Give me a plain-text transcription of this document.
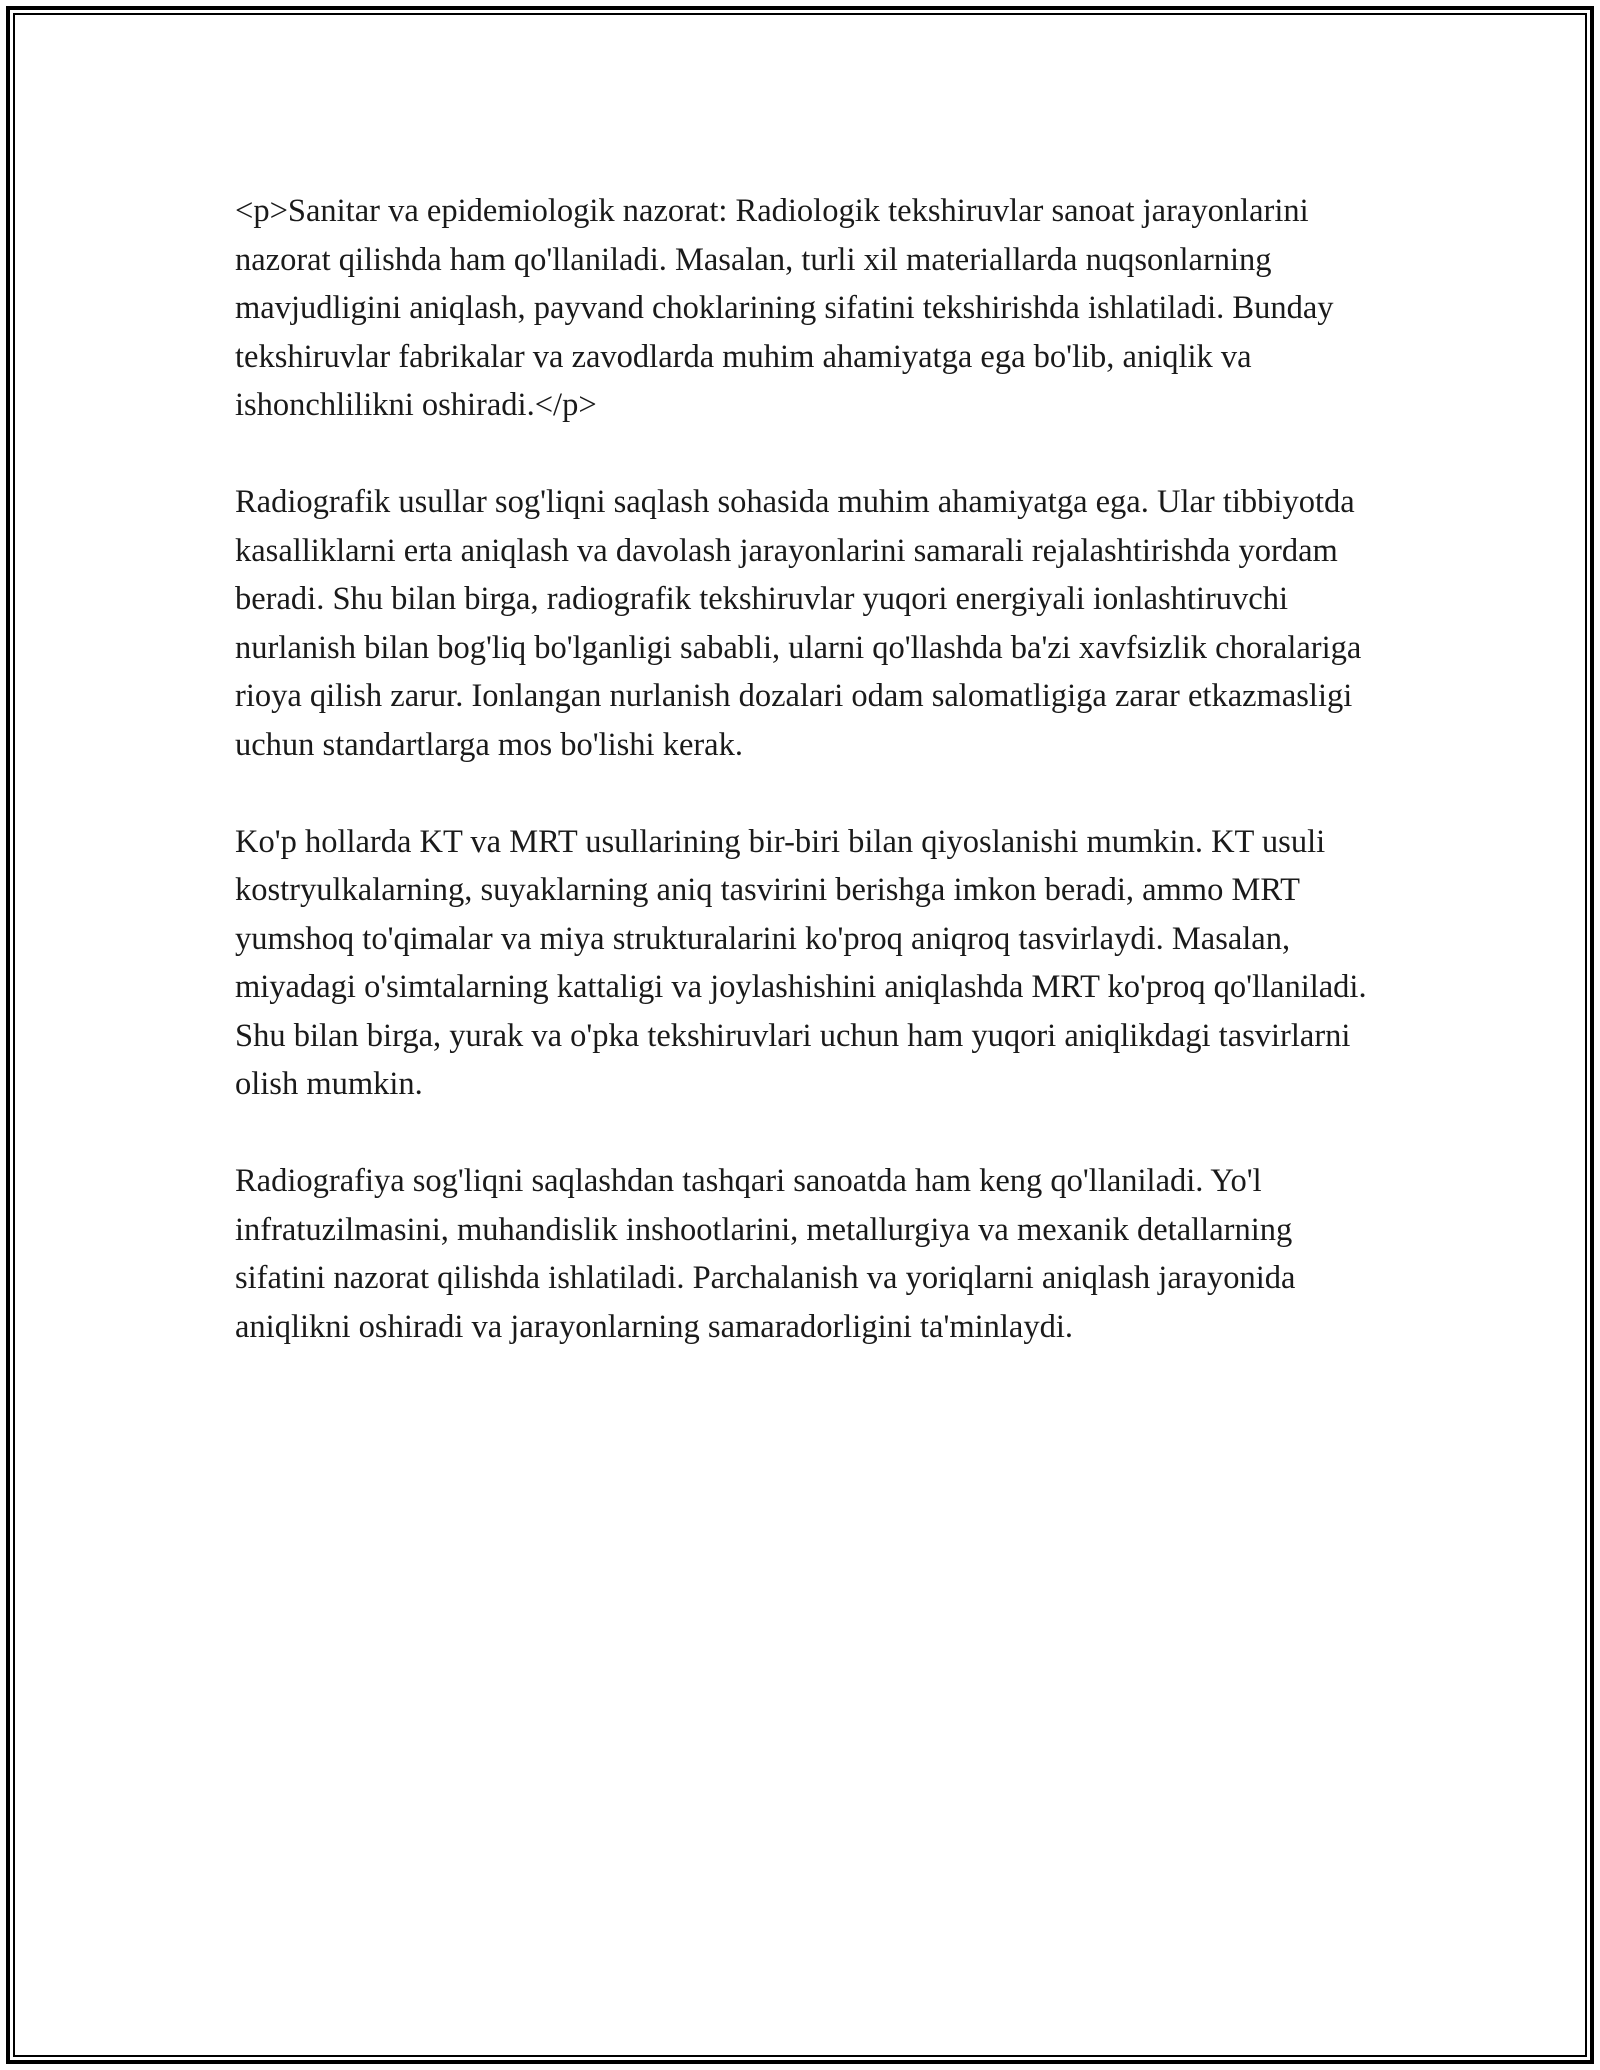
<p>Sanitar va epidemiologik nazorat: Radiologik tekshiruvlar sanoat jarayonlarini nazorat qilishda ham qo'llaniladi. Masalan, turli xil materiallarda nuqsonlarning mavjudligini aniqlash, payvand choklarining sifatini tekshirishda ishlatiladi. Bunday tekshiruvlar fabrikalar va zavodlarda muhim ahamiyatga ega bo'lib, aniqlik va ishonchlilikni oshiradi.</p>

Radiografik usullar sog'liqni saqlash sohasida muhim ahamiyatga ega. Ular tibbiyotda kasalliklarni erta aniqlash va davolash jarayonlarini samarali rejalashtirishda yordam beradi. Shu bilan birga, radiografik tekshiruvlar yuqori energiyali ionlashtiruvchi nurlanish bilan bog'liq bo'lganligi sababli, ularni qo'llashda ba'zi xavfsizlik choralariga rioya qilish zarur. Ionlangan nurlanish dozalari odam salomatligiga zarar etkazmasligi uchun standartlarga mos bo'lishi kerak.

Ko'p hollarda KT va MRT usullarining bir-biri bilan qiyoslanishi mumkin. KT usuli kostryulkalarning, suyaklarning aniq tasvirini berishga imkon beradi, ammo MRT yumshoq to'qimalar va miya strukturalarini ko'proq aniqroq tasvirlaydi. Masalan, miyadagi o'simtalarning kattaligi va joylashishini aniqlashda MRT ko'proq qo'llaniladi. Shu bilan birga, yurak va o'pka tekshiruvlari uchun ham yuqori aniqlikdagi tasvirlarni olish mumkin.

Radiografiya sog'liqni saqlashdan tashqari sanoatda ham keng qo'llaniladi. Yo'l infratuzilmasini, muhandislik inshootlarini, metallurgiya va mexanik detallarning sifatini nazorat qilishda ishlatiladi. Parchalanish va yoriqlarni aniqlash jarayonida aniqlikni oshiradi va jarayonlarning samaradorligini ta'minlaydi.
